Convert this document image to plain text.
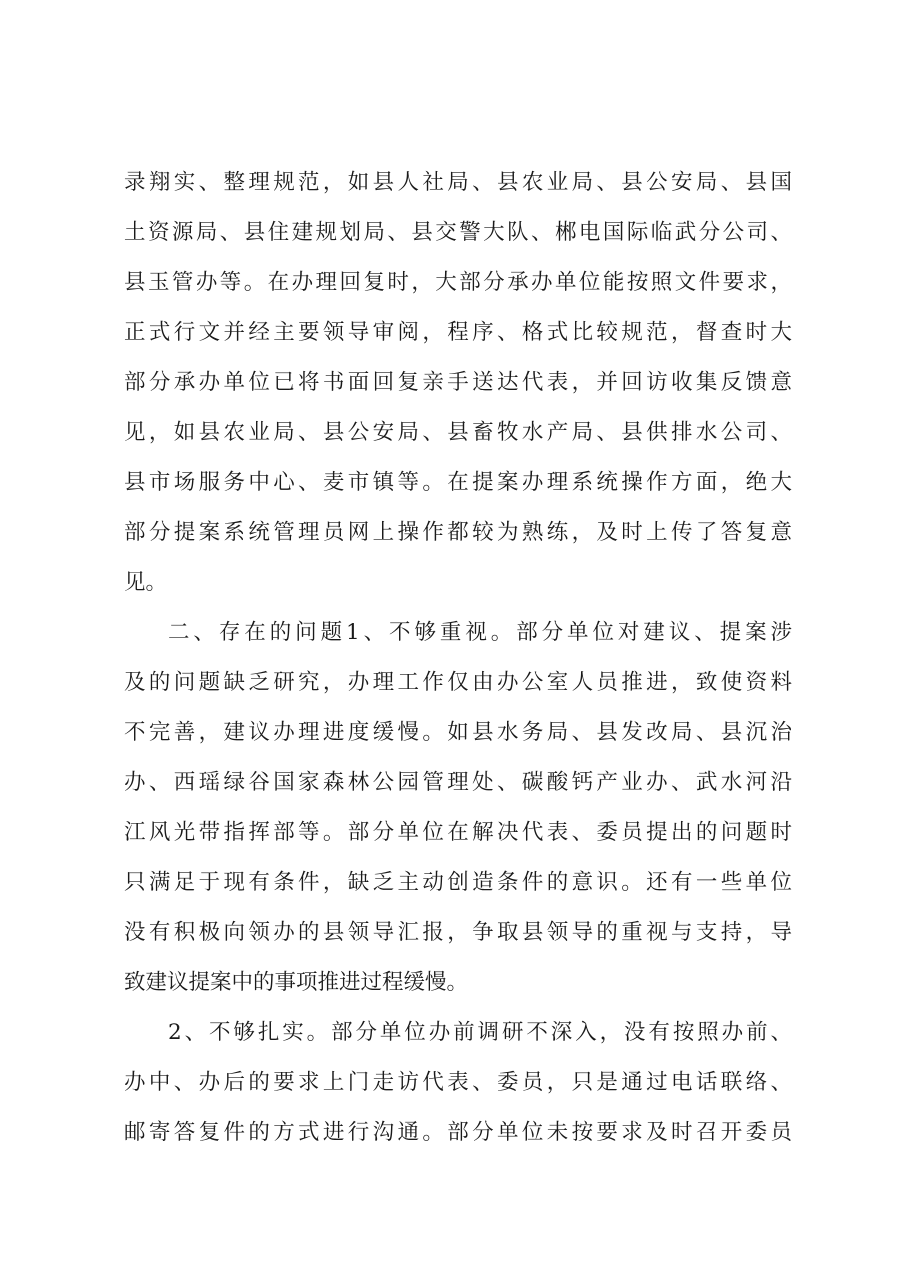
录翔实、整理规范，如县人社局、县农业局、县公安局、县国
土资源局、县住建规划局、县交警大队、郴电国际临武分公司、
县玉管办等。在办理回复时，大部分承办单位能按照文件要求，
正式行文并经主要领导审阅，程序、格式比较规范，督查时大
部分承办单位已将书面回复亲手送达代表，并回访收集反馈意
见，如县农业局、县公安局、县畜牧水产局、县供排水公司、
县市场服务中心、麦市镇等。在提案办理系统操作方面，绝大
部分提案系统管理员网上操作都较为熟练，及时上传了答复意
见。
二、存在的问题1、不够重视。部分单位对建议、提案涉
及的问题缺乏研究，办理工作仅由办公室人员推进，致使资料
不完善，建议办理进度缓慢。如县水务局、县发改局、县沉治
办、西瑶绿谷国家森林公园管理处、碳酸钙产业办、武水河沿
江风光带指挥部等。部分单位在解决代表、委员提出的问题时
只满足于现有条件，缺乏主动创造条件的意识。还有一些单位
没有积极向领办的县领导汇报，争取县领导的重视与支持，导
致建议提案中的事项推进过程缓慢。
2、不够扎实。部分单位办前调研不深入，没有按照办前、
办中、办后的要求上门走访代表、委员，只是通过电话联络、
邮寄答复件的方式进行沟通。部分单位未按要求及时召开委员
